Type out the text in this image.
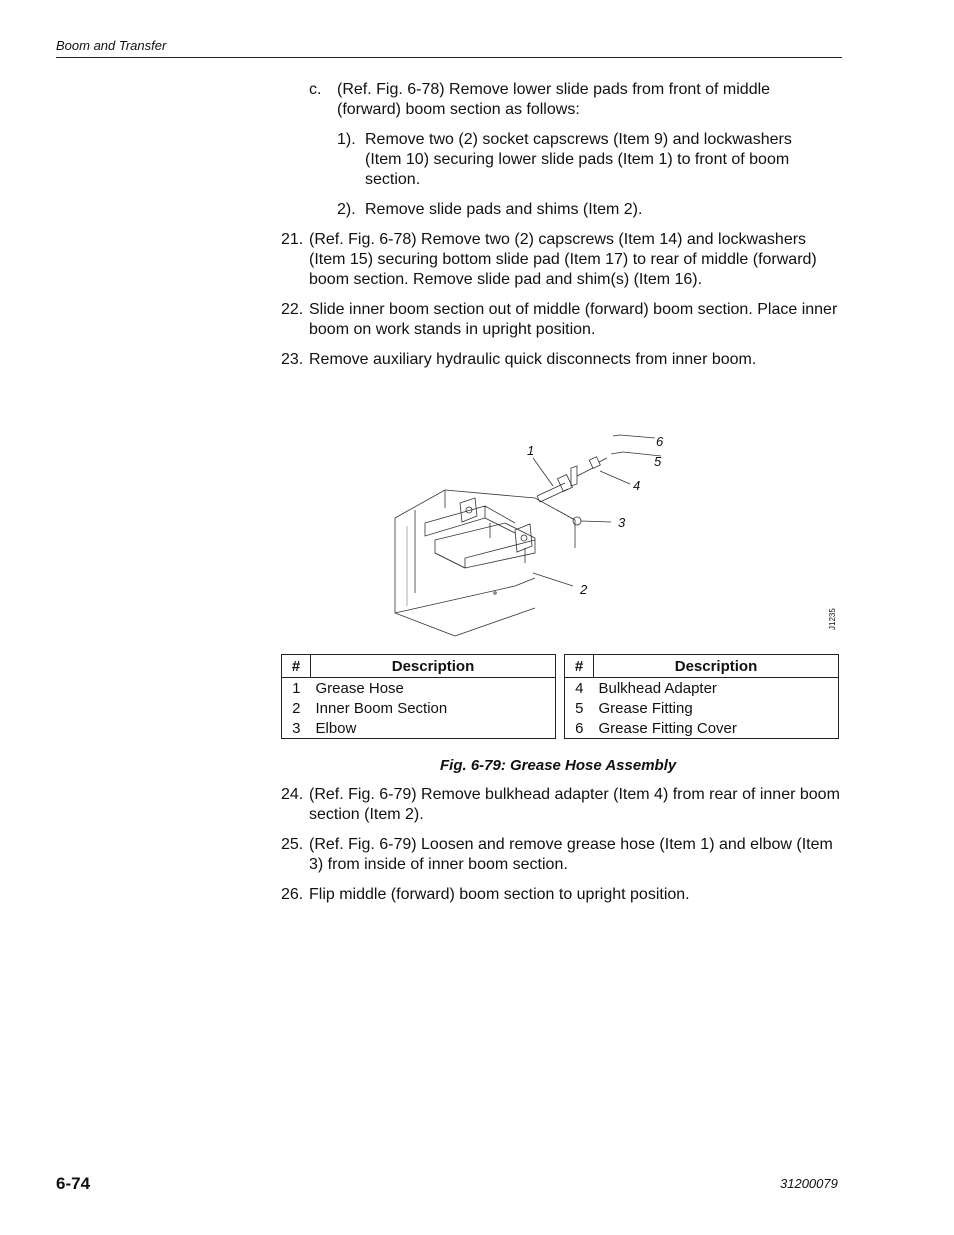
Boom and Transfer
c. (Ref. Fig. 6-78) Remove lower slide pads from front of middle (forward) boom section as follows:
1). Remove two (2) socket capscrews (Item 9) and lockwashers (Item 10) securing lower slide pads (Item 1) to front of boom section.
2). Remove slide pads and shims (Item 2).
21. (Ref. Fig. 6-78) Remove two (2) capscrews (Item 14) and lockwashers (Item 15) securing bottom slide pad (Item 17) to rear of middle (forward) boom section. Remove slide pad and shim(s) (Item 16).
22. Slide inner boom section out of middle (forward) boom section. Place inner boom on work stands in upright position.
23. Remove auxiliary hydraulic quick disconnects from inner boom.
1
2
3
4
5
6
J1235
#	Description
1	Grease Hose
2	Inner Boom Section
3	Elbow
#	Description
4	Bulkhead Adapter
5	Grease Fitting
6	Grease Fitting Cover
Fig. 6-79: Grease Hose Assembly
24. (Ref. Fig. 6-79) Remove bulkhead adapter (Item 4) from rear of inner boom section (Item 2).
25. (Ref. Fig. 6-79) Loosen and remove grease hose (Item 1) and elbow (Item 3) from inside of inner boom section.
26. Flip middle (forward) boom section to upright position.
6-74	31200079
